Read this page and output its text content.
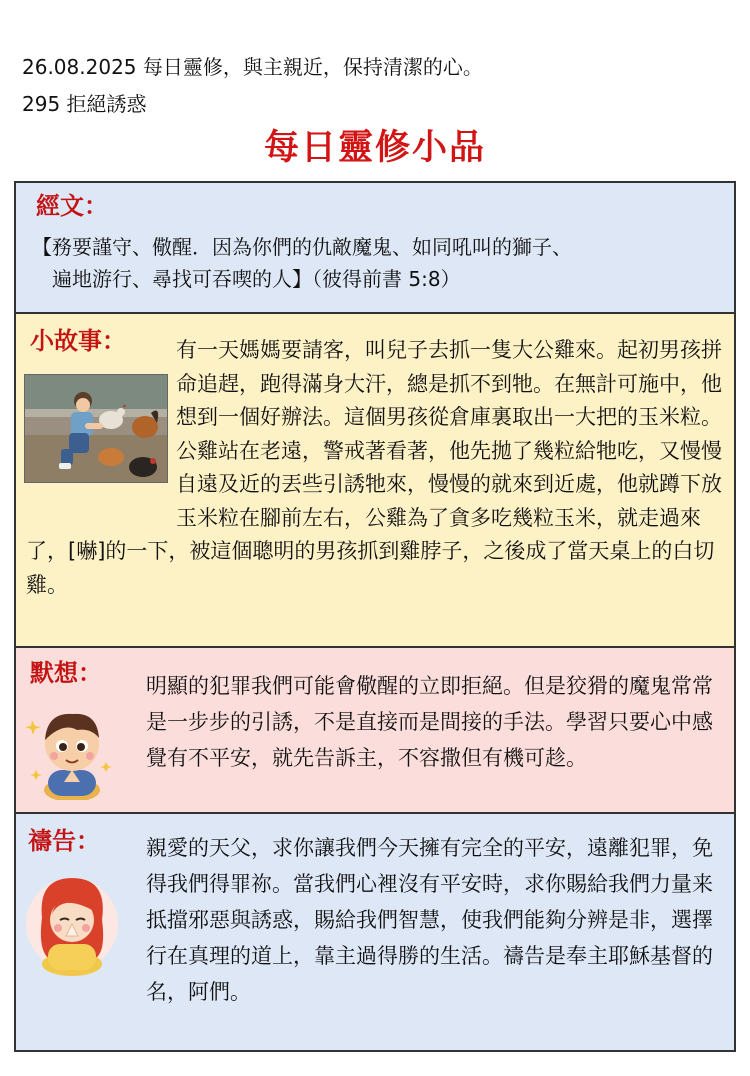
26.08.2025 每日靈修，與主親近，保持清潔的心。
295 拒絕誘惑
每日靈修小品
經文：
【務要謹守、儆醒．因為你們的仇敵魔鬼、如同吼叫的獅子、
遍地游行、尋找可吞喫的人】（彼得前書 5:8）
小故事：	有一天媽媽要請客，叫兒子去抓一隻大公雞來。起初男孩拼命追趕，跑得滿身大汗，總是抓不到牠。在無計可施中，他想到一個好辦法。這個男孩從倉庫裏取出一大把的玉米粒。公雞站在老遠，警戒著看著，他先拋了幾粒給牠吃，又慢慢自遠及近的丟些引誘牠來，慢慢的就來到近處，他就蹲下放玉米粒在腳前左右，公雞為了貪多吃幾粒玉米，就走過來了，[嚇]的一下，被這個聰明的男孩抓到雞脖子，之後成了當天桌上的白切雞。
默想： 明顯的犯罪我們可能會儆醒的立即拒絕。但是狡猾的魔鬼常常是一步步的引誘，不是直接而是間接的手法。學習只要心中感覺有不平安，就先告訴主，不容撒但有機可趁。
禱告： 親愛的天父，求你讓我們今天擁有完全的平安，遠離犯罪，免得我們得罪祢。當我們心裡沒有平安時，求你賜給我們力量来抵擋邪惡與誘惑，賜給我們智慧，使我們能夠分辨是非，選擇行在真理的道上，靠主過得勝的生活。禱告是奉主耶穌基督的名，阿們。
